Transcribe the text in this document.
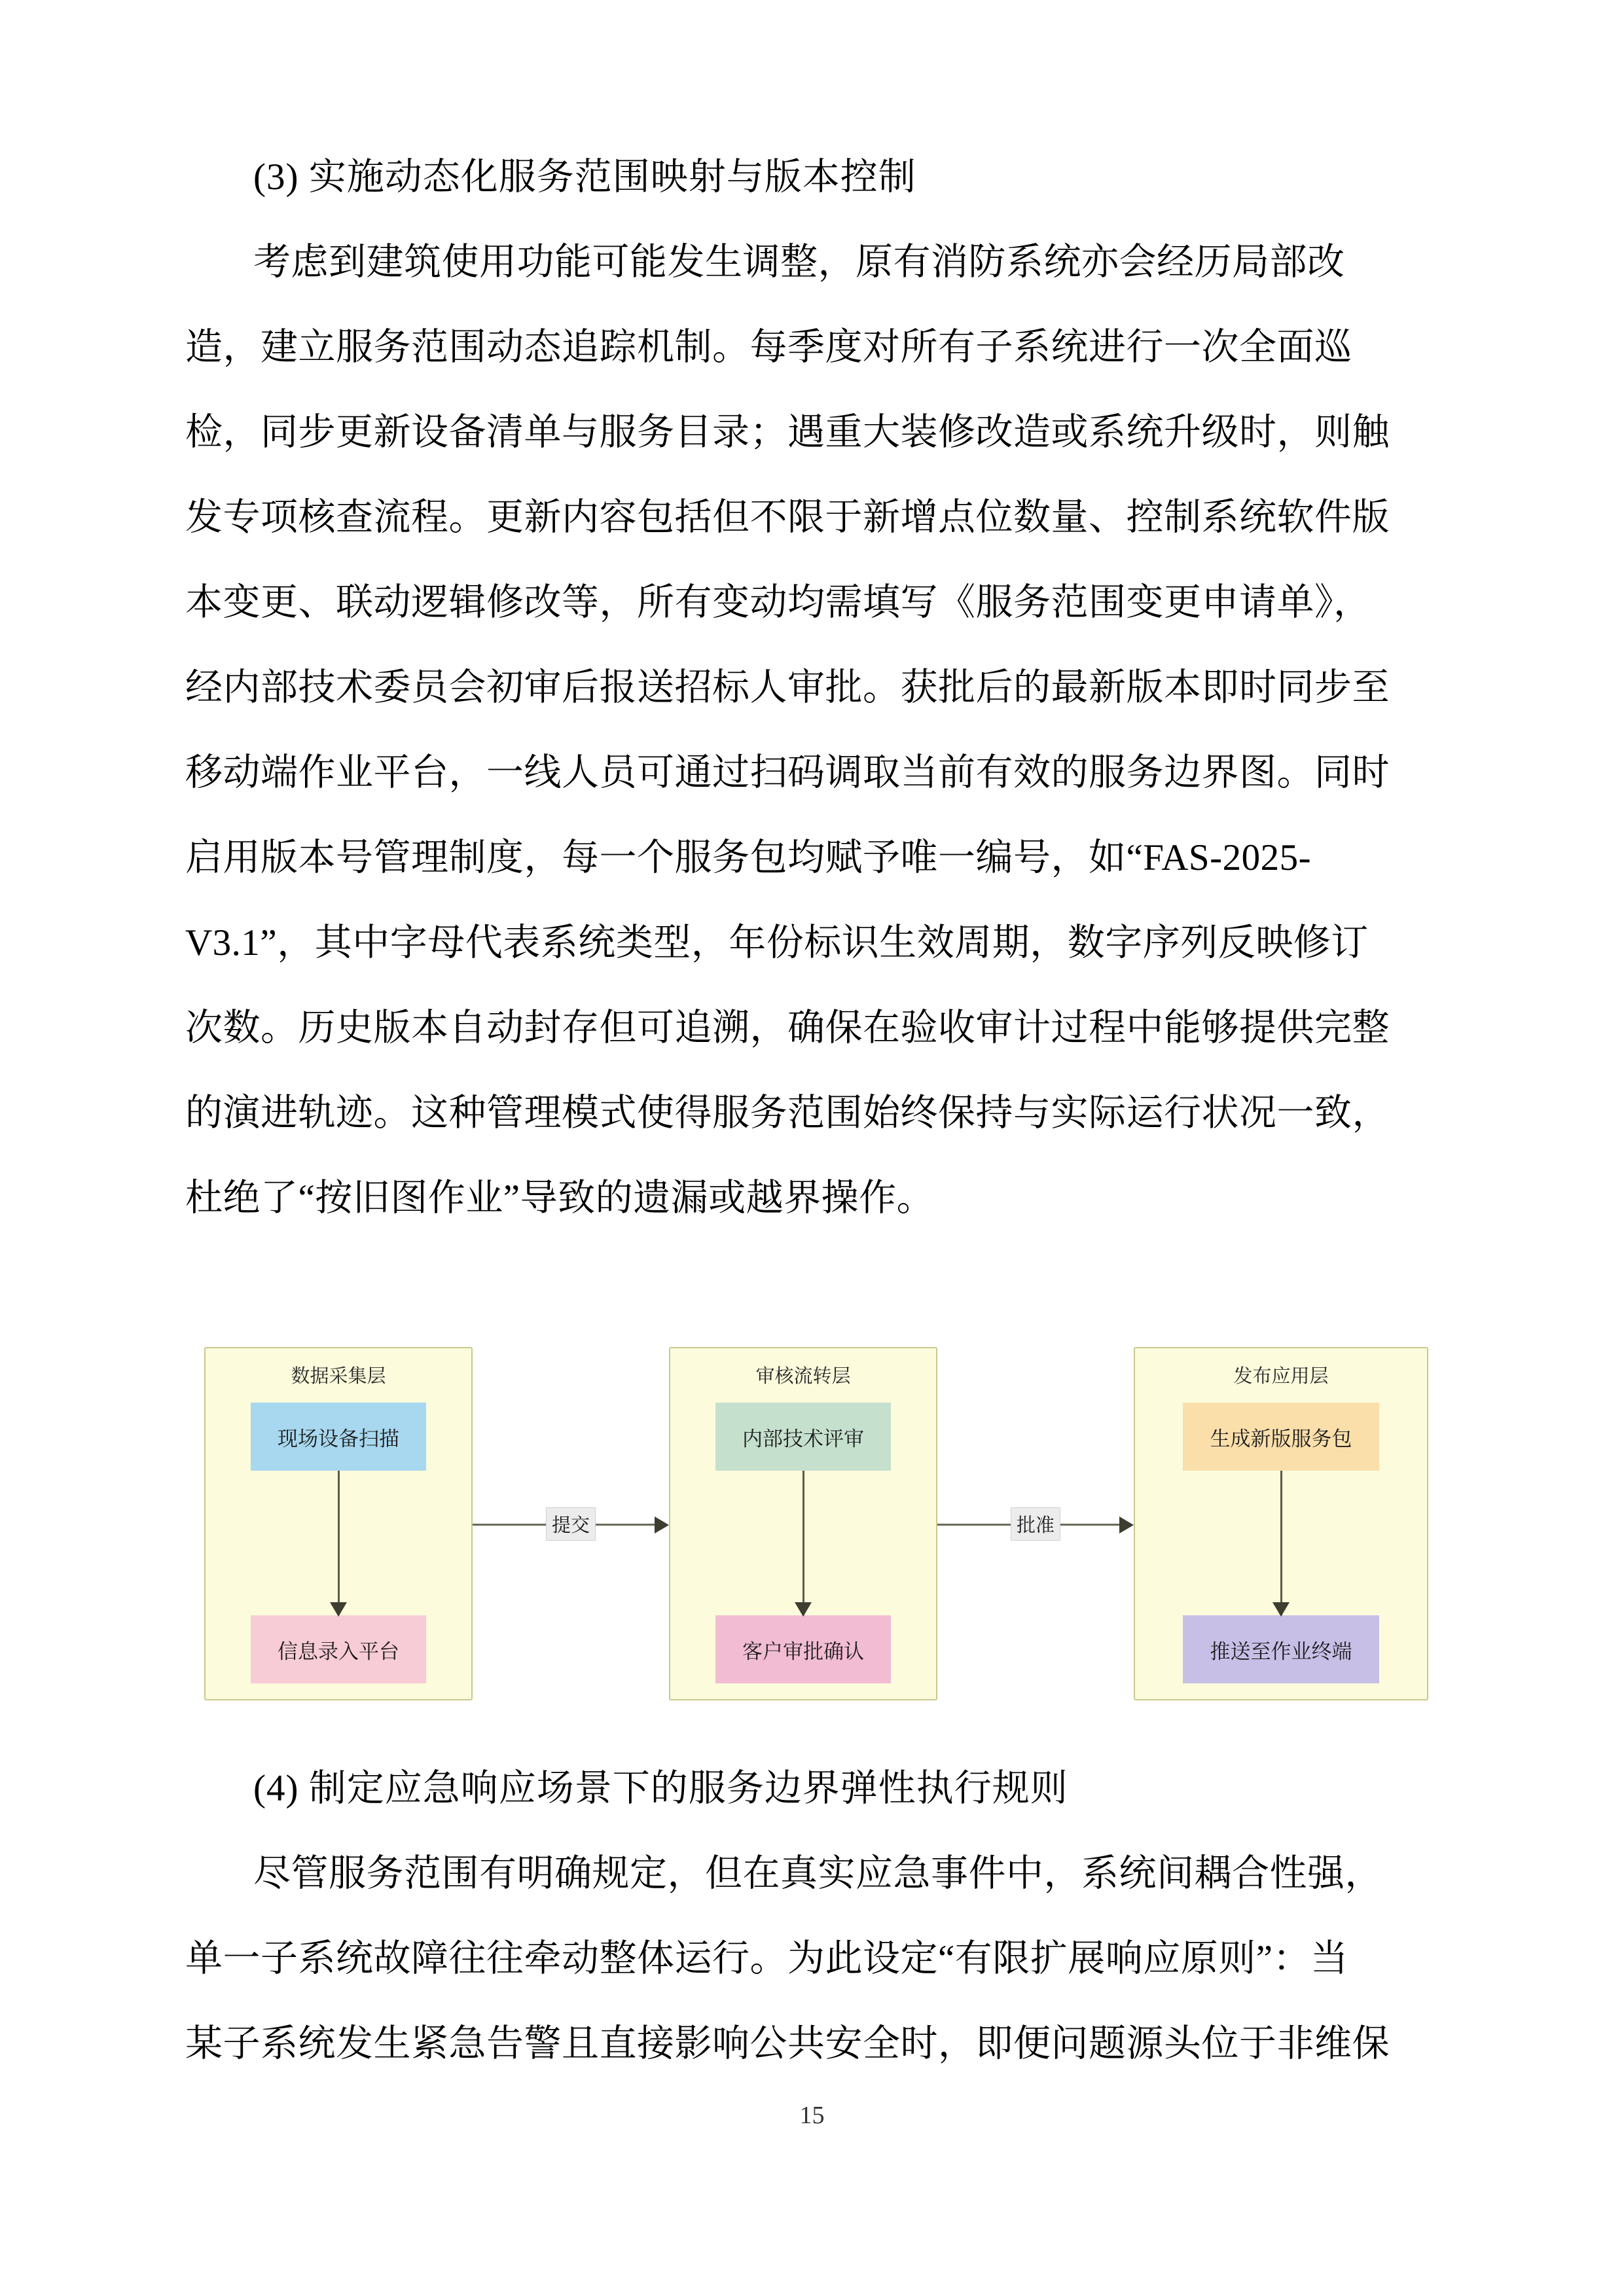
(3) 实施动态化服务范围映射与版本控制
考虑到建筑使用功能可能发生调整，原有消防系统亦会经历局部改
造，建立服务范围动态追踪机制。每季度对所有子系统进行一次全面巡
检，同步更新设备清单与服务目录；遇重大装修改造或系统升级时，则触
发专项核查流程。更新内容包括但不限于新增点位数量、控制系统软件版
本变更、联动逻辑修改等，所有变动均需填写《服务范围变更申请单》，
经内部技术委员会初审后报送招标人审批。获批后的最新版本即时同步至
移动端作业平台，一线人员可通过扫码调取当前有效的服务边界图。同时
启用版本号管理制度，每一个服务包均赋予唯一编号，如“FAS-2025-
V3.1”，其中字母代表系统类型，年份标识生效周期，数字序列反映修订
次数。历史版本自动封存但可追溯，确保在验收审计过程中能够提供完整
的演进轨迹。这种管理模式使得服务范围始终保持与实际运行状况一致，
杜绝了“按旧图作业”导致的遗漏或越界操作。
数据采集层
现场设备扫描
信息录入平台
提交
审核流转层
内部技术评审
客户审批确认
批准
发布应用层
生成新版服务包
推送至作业终端
(4) 制定应急响应场景下的服务边界弹性执行规则
尽管服务范围有明确规定，但在真实应急事件中，系统间耦合性强，
单一子系统故障往往牵动整体运行。为此设定“有限扩展响应原则”：当
某子系统发生紧急告警且直接影响公共安全时，即便问题源头位于非维保
15
